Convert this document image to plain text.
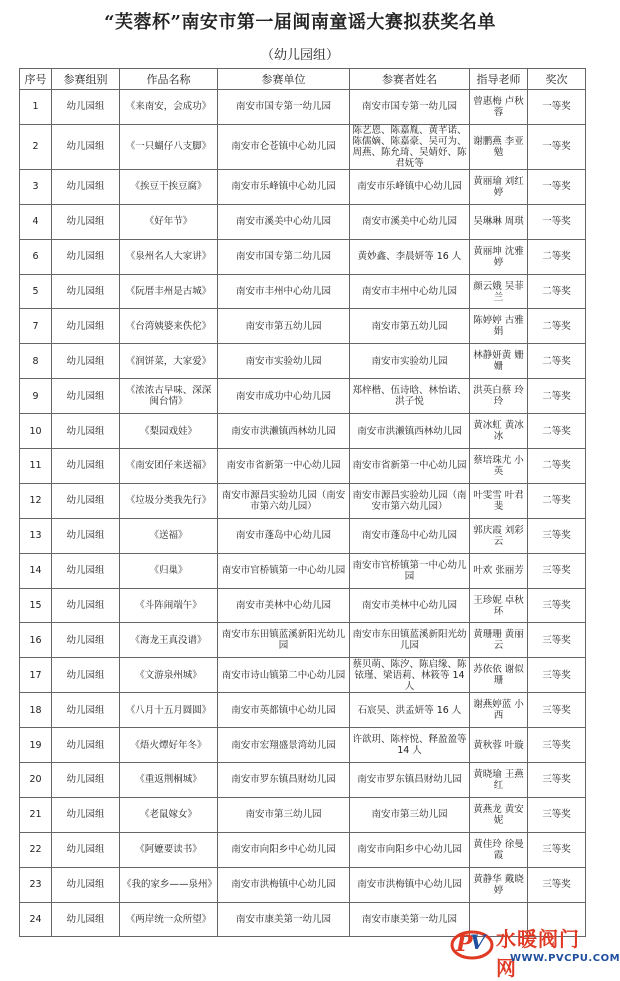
“芙蓉杯”南安市第一届闽南童谣大赛拟获奖名单
（幼儿园组）
序号	参赛组别	作品名称	参赛单位	参赛者姓名	指导老师	奖次
1	幼儿园组	《来南安，会成功》	南安市国专第一幼儿园	南安市国专第一幼儿园	曾惠梅 卢秋蓉	一等奖
2	幼儿园组	《一只蝴仔八支脚》	南安市仑苍镇中心幼儿园	陈艺恩、陈嘉胤、黄芊诺、陈儒嫡、陈嘉豪、吴可为、周燕、陈允琦、吴婧妤、陈君妩等	谢鹏燕 李亚勉	一等奖
3	幼儿园组	《挨豆干挨豆腐》	南安市乐峰镇中心幼儿园	南安市乐峰镇中心幼儿园	黄丽瑜 刘红婷	一等奖
4	幼儿园组	《好年节》	南安市溪美中心幼儿园	南安市溪美中心幼儿园	吴琳琳 周琪	一等奖
6	幼儿园组	《泉州名人大家讲》	南安市国专第二幼儿园	黄妙鑫、李晨妍等 16 人	黄丽坤 沈雅婷	二等奖
5	幼儿园组	《阮厝丰州是古城》	南安市丰州中心幼儿园	南安市丰州中心幼儿园	颜云娥 吴菲兰	二等奖
7	幼儿园组	《台湾姨婆来佚佗》	南安市第五幼儿园	南安市第五幼儿园	陈婷婷 古雅娟	二等奖
8	幼儿园组	《润饼菜，大家爱》	南安市实验幼儿园	南安市实验幼儿园	林静妍黄 姗姗	二等奖
9	幼儿园组	《浓浓古早味、深深闽台情》	南安市成功中心幼儿园	郑梓楷、伍诗晗、林怡诺、洪子悦	洪英白蔡 玲玲	二等奖
10	幼儿园组	《梨园戏娃》	南安市洪濑镇西林幼儿园	南安市洪濑镇西林幼儿园	黄冰虹 黄冰冰	二等奖
11	幼儿园组	《南安团仔来送福》	南安市省新第一中心幼儿园	南安市省新第一中心幼儿园	蔡培珠尤 小英	二等奖
12	幼儿园组	《垃圾分类我先行》	南安市源昌实验幼儿园（南安市第六幼儿园）	南安市源昌实验幼儿园（南安市第六幼儿园）	叶雯雪 叶君斐	二等奖
13	幼儿园组	《送福》	南安市蓬岛中心幼儿园	南安市蓬岛中心幼儿园	郭庆霞 刘彩云	三等奖
14	幼儿园组	《归巢》	南安市官桥镇第一中心幼儿园	南安市官桥镇第一中心幼儿园	叶欢 张丽芳	三等奖
15	幼儿园组	《斗阵闹端午》	南安市美林中心幼儿园	南安市美林中心幼儿园	王珍妮 卓秋环	三等奖
16	幼儿园组	《海龙王真没谱》	南安市东田镇蓝溪新阳光幼儿园	南安市东田镇蓝溪新阳光幼儿园	黄珊珊 黄丽云	三等奖
17	幼儿园组	《文游泉州城》	南安市诗山镇第二中心幼儿园	蔡贝萌、陈汐、陈启缘、陈铱瑾、梁语莉、林筱等 14 人	苏依依 谢似珊	三等奖
18	幼儿园组	《八月十五月圆圆》	南安市英都镇中心幼儿园	石宸昊、洪孟妍等 16 人	谢燕婷蓝 小西	三等奖
19	幼儿园组	《焐火燂好年冬》	南安市宏翔盛景湾幼儿园	许歆玥、陈梓悦、释盈盈等 14 人	黄秋蓉 叶璇	三等奖
20	幼儿园组	《重返荆桐城》	南安市罗东镇昌财幼儿园	南安市罗东镇昌财幼儿园	黄晓瑜 王燕红	三等奖
21	幼儿园组	《老鼠嫁女》	南安市第三幼儿园	南安市第三幼儿园	黄燕龙 黄安妮	三等奖
22	幼儿园组	《阿嬷要读书》	南安市向阳乡中心幼儿园	南安市向阳乡中心幼儿园	黄佳玲 徐曼霞	三等奖
23	幼儿园组	《我的家乡——泉州》	南安市洪梅镇中心幼儿园	南安市洪梅镇中心幼儿园	黄静华 戴晓婷	三等奖
24	幼儿园组	《两岸统一众所望》	南安市康美第一幼儿园	南安市康美第一幼儿园		
P
V 水暖阀门网
WWW.PVCPU.COM
